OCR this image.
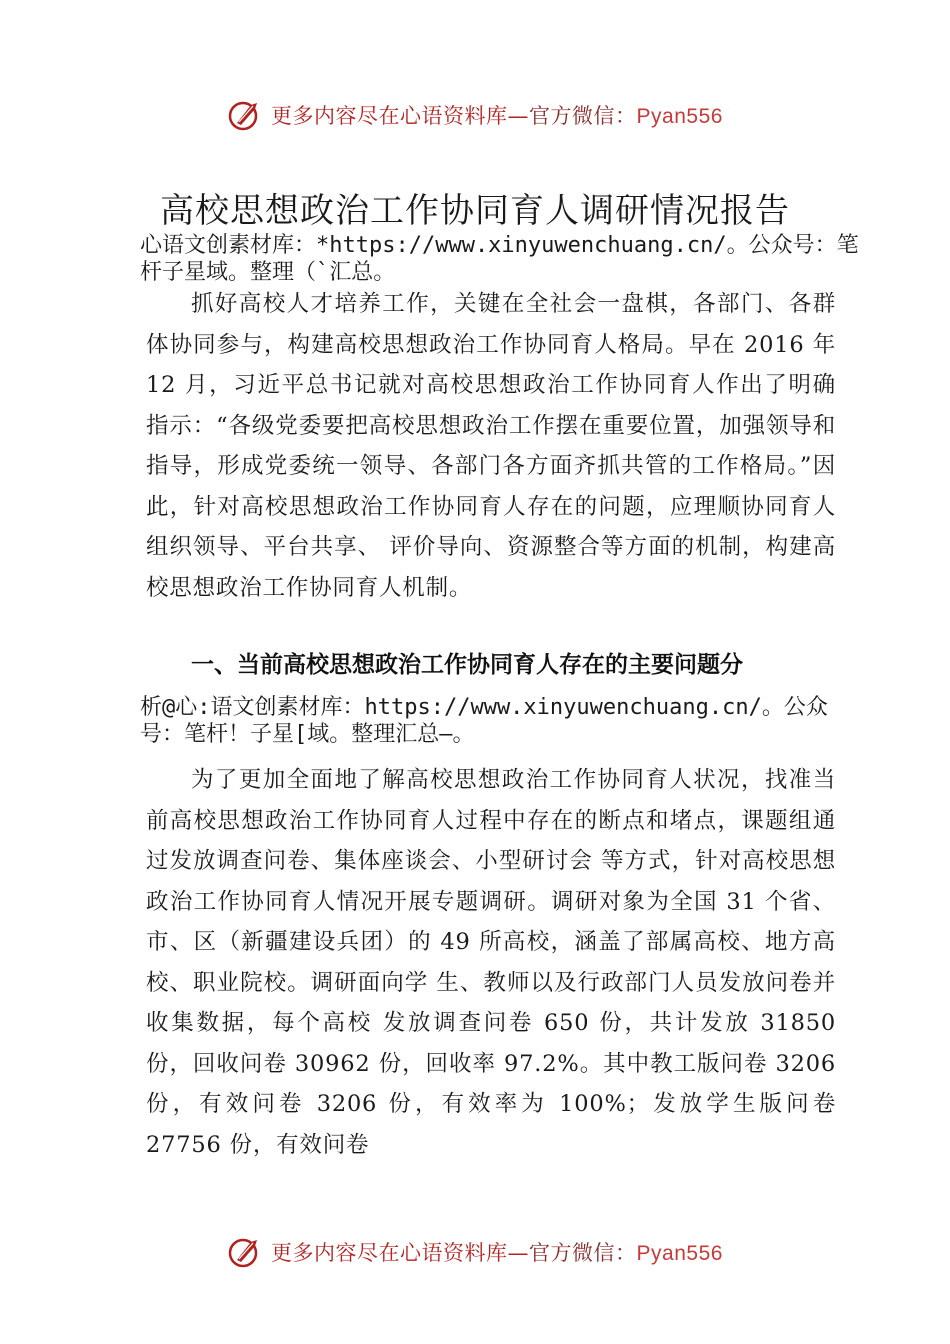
更多内容尽在心语资料库—官方微信：Pyan556
高校思想政治工作协同育人调研情况报告

心语文创素材库：*https://www.xinyuwenchuang.cn/。公众号：笔杆子星域。整理（`汇总。

抓好高校人才培养工作，关键在全社会一盘棋，各部门、各群体协同参与，构建高校思想政治工作协同育人格局。早在 2016 年 12 月，习近平总书记就对高校思想政治工作协同育人作出了明确指示：“各级党委要把高校思想政治工作摆在重要位置，加强领导和指导，形成党委统一领导、各部门各方面齐抓共管的工作格局。”因此，针对高校思想政治工作协同育人存在的问题，应理顺协同育人组织领导、平台共享、 评价导向、资源整合等方面的机制，构建高校思想政治工作协同育人机制。

一、当前高校思想政治工作协同育人存在的主要问题分

析@心:语文创素材库：https://www.xinyuwenchuang.cn/。公众号：笔杆！子星[域。整理汇总—。

为了更加全面地了解高校思想政治工作协同育人状况，找准当前高校思想政治工作协同育人过程中存在的断点和堵点，课题组通过发放调查问卷、集体座谈会、小型研讨会 等方式，针对高校思想政治工作协同育人情况开展专题调研。调研对象为全国 31 个省、市、区（新疆建设兵团）的 49 所高校，涵盖了部属高校、地方高校、职业院校。调研面向学 生、教师以及行政部门人员发放问卷并收集数据，每个高校 发放调查问卷 650 份，共计发放 31850 份，回收问卷 30962 份，回收率 97.2%。其中教工版问卷 3206 份，有效问卷 3206 份，有效率为 100%；发放学生版问卷 27756 份，有效问卷

更多内容尽在心语资料库—官方微信：Pyan556
